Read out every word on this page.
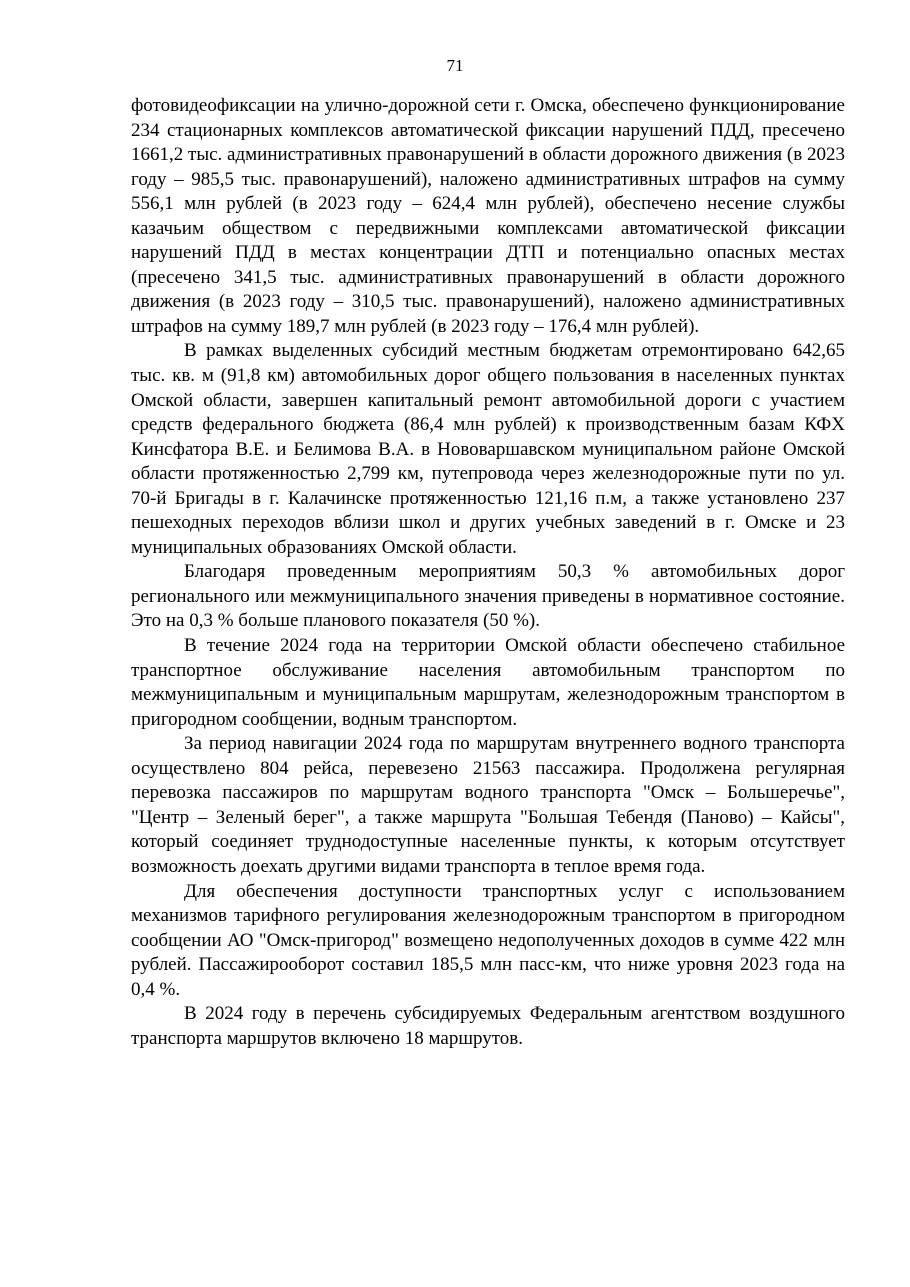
71

фотовидеофиксации на улично-дорожной сети г. Омска, обеспечено функционирование 234 стационарных комплексов автоматической фиксации нарушений ПДД, пресечено 1661,2 тыс. административных правонарушений в области дорожного движения (в 2023 году – 985,5 тыс. правонарушений), наложено административных штрафов на сумму 556,1 млн рублей (в 2023 году – 624,4 млн рублей), обеспечено несение службы казачьим обществом с передвижными комплексами автоматической фиксации нарушений ПДД в местах концентрации ДТП и потенциально опасных местах (пресечено 341,5 тыс. административных правонарушений в области дорожного движения (в 2023 году – 310,5 тыс. правонарушений), наложено административных штрафов на сумму 189,7 млн рублей (в 2023 году – 176,4 млн рублей).

В рамках выделенных субсидий местным бюджетам отремонтировано 642,65 тыс. кв. м (91,8 км) автомобильных дорог общего пользования в населенных пунктах Омской области, завершен капитальный ремонт автомобильной дороги с участием средств федерального бюджета (86,4 млн рублей) к производственным базам КФХ Кинсфатора В.Е. и Белимова В.А. в Нововаршавском муниципальном районе Омской области протяженностью 2,799 км, путепровода через железнодорожные пути по ул. 70-й Бригады в г. Калачинске протяженностью 121,16 п.м, а также установлено 237 пешеходных переходов вблизи школ и других учебных заведений в г. Омске и 23 муниципальных образованиях Омской области.

Благодаря проведенным мероприятиям 50,3 % автомобильных дорог регионального или межмуниципального значения приведены в нормативное состояние. Это на 0,3 % больше планового показателя (50 %).

В течение 2024 года на территории Омской области обеспечено стабильное транспортное обслуживание населения автомобильным транспортом по межмуниципальным и муниципальным маршрутам, железнодорожным транспортом в пригородном сообщении, водным транспортом.

За период навигации 2024 года по маршрутам внутреннего водного транспорта осуществлено 804 рейса, перевезено 21563 пассажира. Продолжена регулярная перевозка пассажиров по маршрутам водного транспорта "Омск – Большеречье", "Центр – Зеленый берег", а также маршрута "Большая Тебендя (Паново) – Кайсы", который соединяет труднодоступные населенные пункты, к которым отсутствует возможность доехать другими видами транспорта в теплое время года.

Для обеспечения доступности транспортных услуг с использованием механизмов тарифного регулирования железнодорожным транспортом в пригородном сообщении АО "Омск-пригород" возмещено недополученных доходов в сумме 422 млн рублей. Пассажирооборот составил 185,5 млн пасс-км, что ниже уровня 2023 года на 0,4 %.

В 2024 году в перечень субсидируемых Федеральным агентством воздушного транспорта маршрутов включено 18 маршрутов.
